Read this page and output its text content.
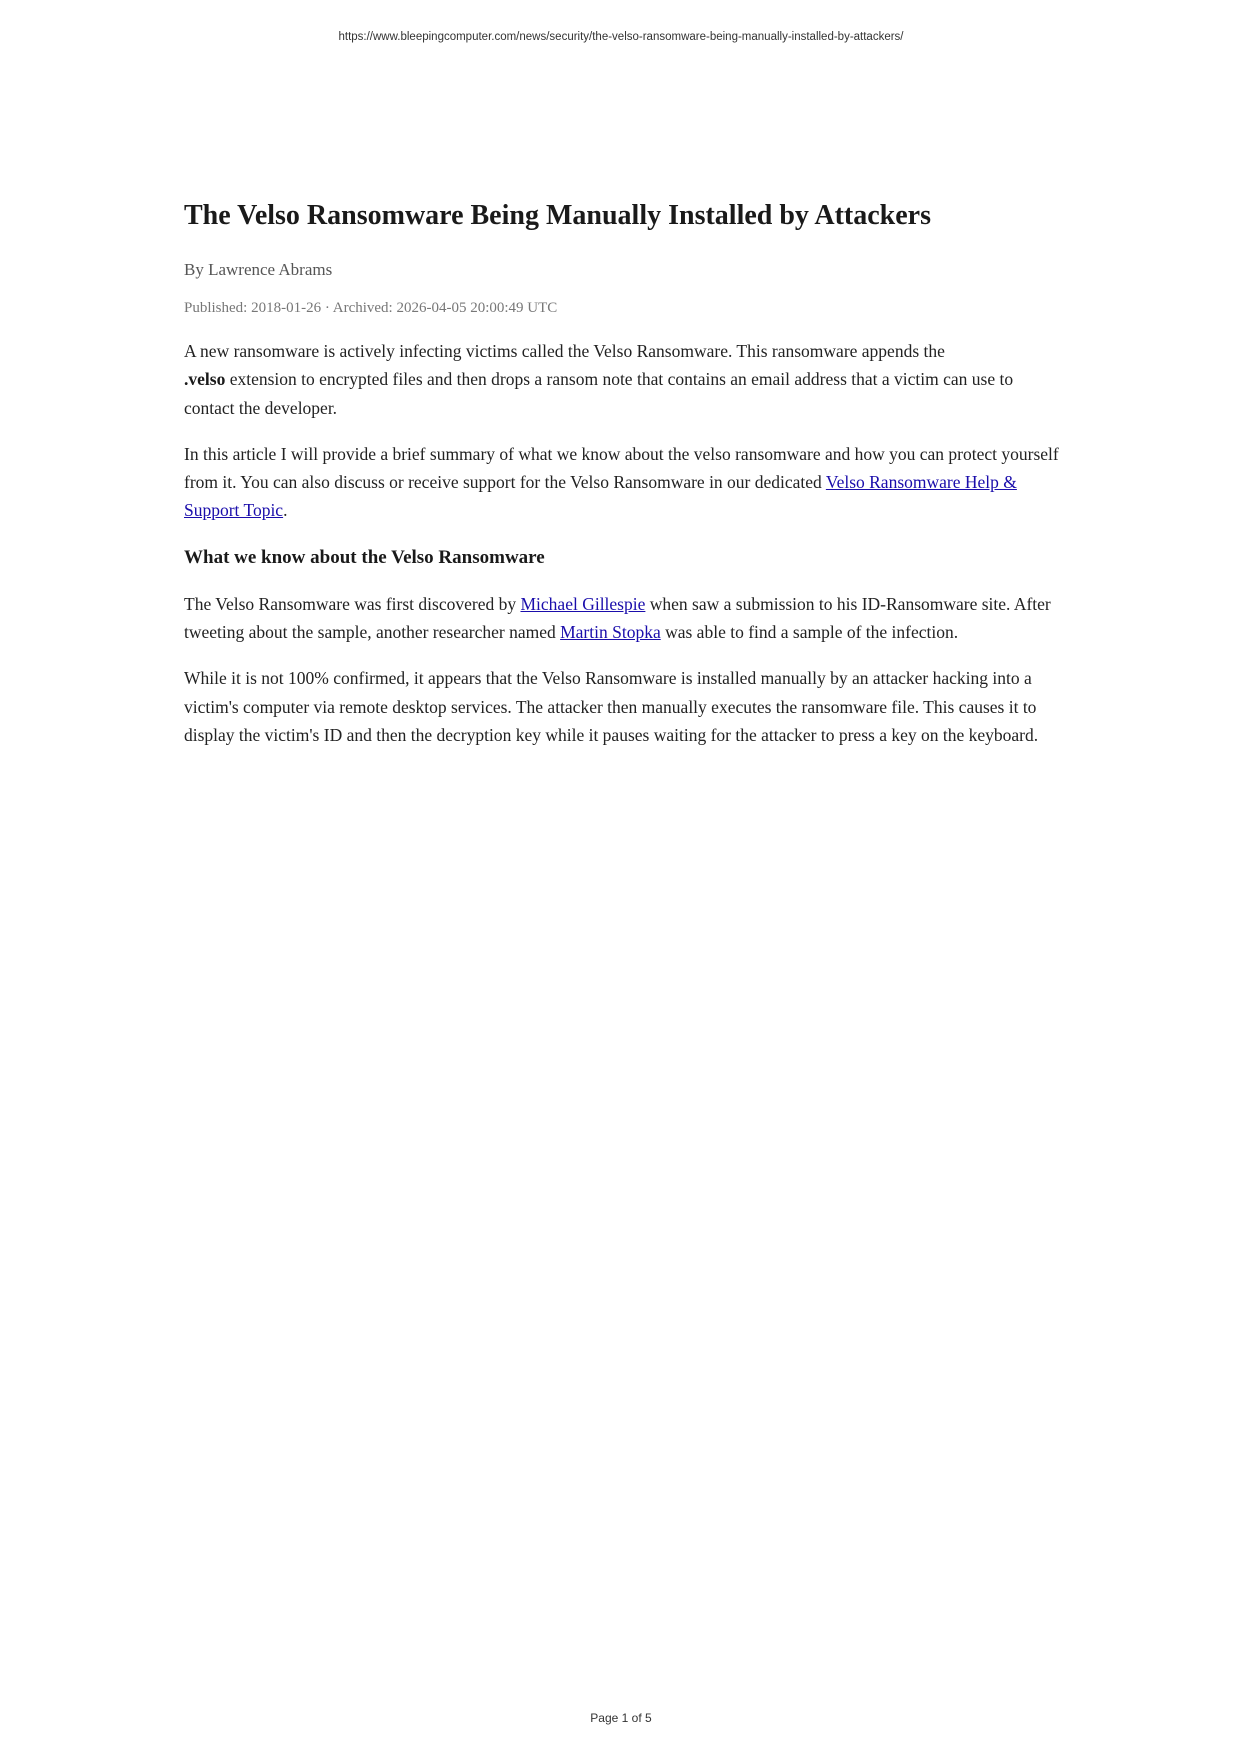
https://www.bleepingcomputer.com/news/security/the-velso-ransomware-being-manually-installed-by-attackers/
The Velso Ransomware Being Manually Installed by Attackers

By Lawrence Abrams

Published: 2018-01-26 · Archived: 2026-04-05 20:00:49 UTC

A new ransomware is actively infecting victims called the Velso Ransomware. This ransomware appends the
.velso extension to encrypted files and then drops a ransom note that contains an email address that a victim can use to contact the developer.

In this article I will provide a brief summary of what we know about the velso ransomware and how you can protect yourself from it. You can also discuss or receive support for the Velso Ransomware in our dedicated Velso Ransomware Help & Support Topic.

What we know about the Velso Ransomware

The Velso Ransomware was first discovered by Michael Gillespie when saw a submission to his ID-Ransomware site. After tweeting about the sample, another researcher named Martin Stopka was able to find a sample of the infection.

While it is not 100% confirmed, it appears that the Velso Ransomware is installed manually by an attacker hacking into a victim's computer via remote desktop services. The attacker then manually executes the ransomware file. This causes it to display the victim's ID and then the decryption key while it pauses waiting for the attacker to press a key on the keyboard.

Page 1 of 5
